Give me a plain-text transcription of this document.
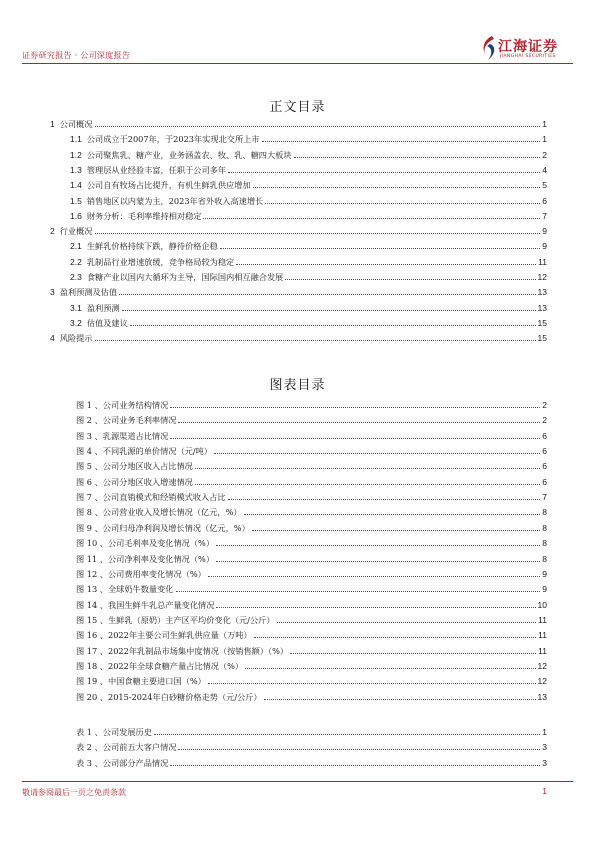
证券研究报告 · 公司深度报告
江海证券
JIANGHAI SECURITIES
正文目录
1 公司概况	1
1.1 公司成立于2007年，于2023年实现北交所上市	1
1.2 公司聚焦乳、糖产业，业务涵盖农、牧、乳、糖四大板块	2
1.3 管理层从业经验丰富，任职于公司多年	4
1.4 公司自有牧场占比提升，有机生鲜乳供应增加	5
1.5 销售地区以内蒙为主，2023年省外收入高速增长	6
1.6 财务分析：毛利率维持相对稳定	7
2 行业概况	9
2.1 生鲜乳价格持续下跌，静待价格企稳	9
2.2 乳制品行业增速放缓，竞争格局较为稳定	11
2.3 食糖产业以国内大循环为主导，国际国内相互融合发展	12
3 盈利预测及估值	13
3.1 盈利预测	13
3.2 估值及建议	15
4 风险提示	15
图表目录
图 1 、公司业务结构情况	2
图 2 、公司业务毛利率情况	2
图 3 、乳源渠道占比情况	6
图 4 、不同乳源的单价情况（元/吨）	6
图 5 、公司分地区收入占比情况	6
图 6 、公司分地区收入增速情况	6
图 7 、公司直销模式和经销模式收入占比	7
图 8 、公司营业收入及增长情况（亿元，%）	8
图 9 、公司归母净利润及增长情况（亿元，%）	8
图 10 、公司毛利率及变化情况（%）	8
图 11 、公司净利率及变化情况（%）	8
图 12 、公司费用率变化情况（%）	9
图 13 、全球奶牛数量变化	9
图 14 、我国生鲜牛乳总产量变化情况	10
图 15 、生鲜乳（原奶）主产区平均价变化（元/公斤）	11
图 16 、2022年主要公司生鲜乳供应量（万吨）	11
图 17 、2022年乳制品市场集中度情况（按销售额）（%）	11
图 18 、2022年全球食糖产量占比情况（%）	12
图 19 、中国食糖主要进口国（%）	12
图 20 、2015-2024年白砂糖价格走势（元/公斤）	13
表 1 、公司发展历史	1
表 2 、公司前五大客户情况	3
表 3 、公司部分产品情况	3
敬请参阅最后一页之免责条款	1
